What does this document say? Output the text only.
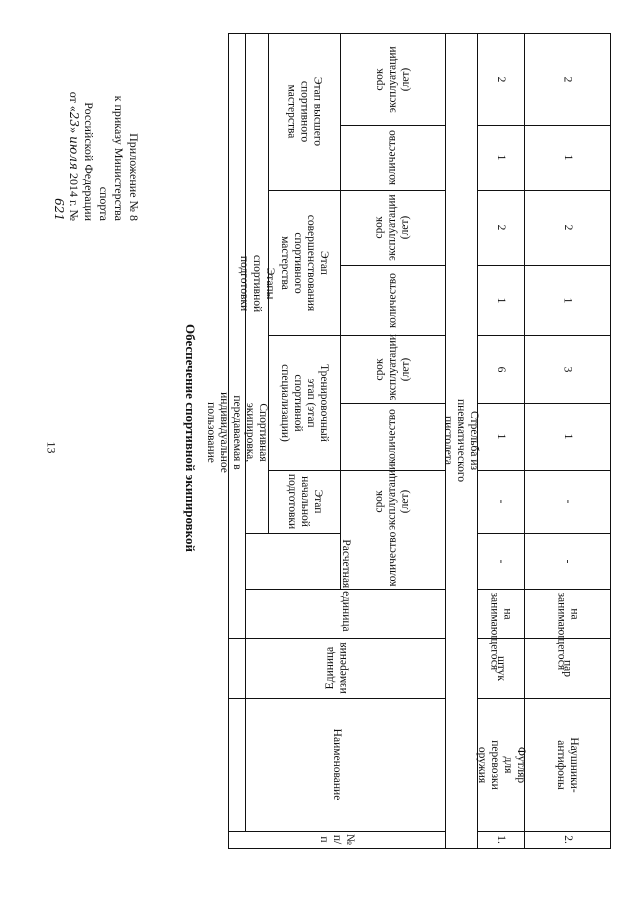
13	Обеспечение спортивной экипировкой
Приложение № 8
к приказу Министерства спорта
Российской Федерации
от «23» июля 2014 г. № 621
Спортивная экипировка, передаваемая в индивидуальное пользование
Этапы спортивной подготовки
Этап высшего спортивного мастерства
Этап совершенствования спортивного мастерства
Тренировочный этап (этап спортивной специализации)
Этап начальной подготовки
Расчетная единица
срок эксплуатации (лет)
количество
срок эксплуатации (лет)
количество
срок эксплуатации (лет)
количество
срок эксплуатации (лет)
количество
Единица измерения
Наименование
№ п/п
Стрельба из пневматического пистолета
2
1
2
1
6
1
-
-
на занимающегося
штук
Футляр для перевозки оружия
1.
2
1
2
1
3
1
-
-
на занимающегося
пар
Наушники-антифоны
2.
